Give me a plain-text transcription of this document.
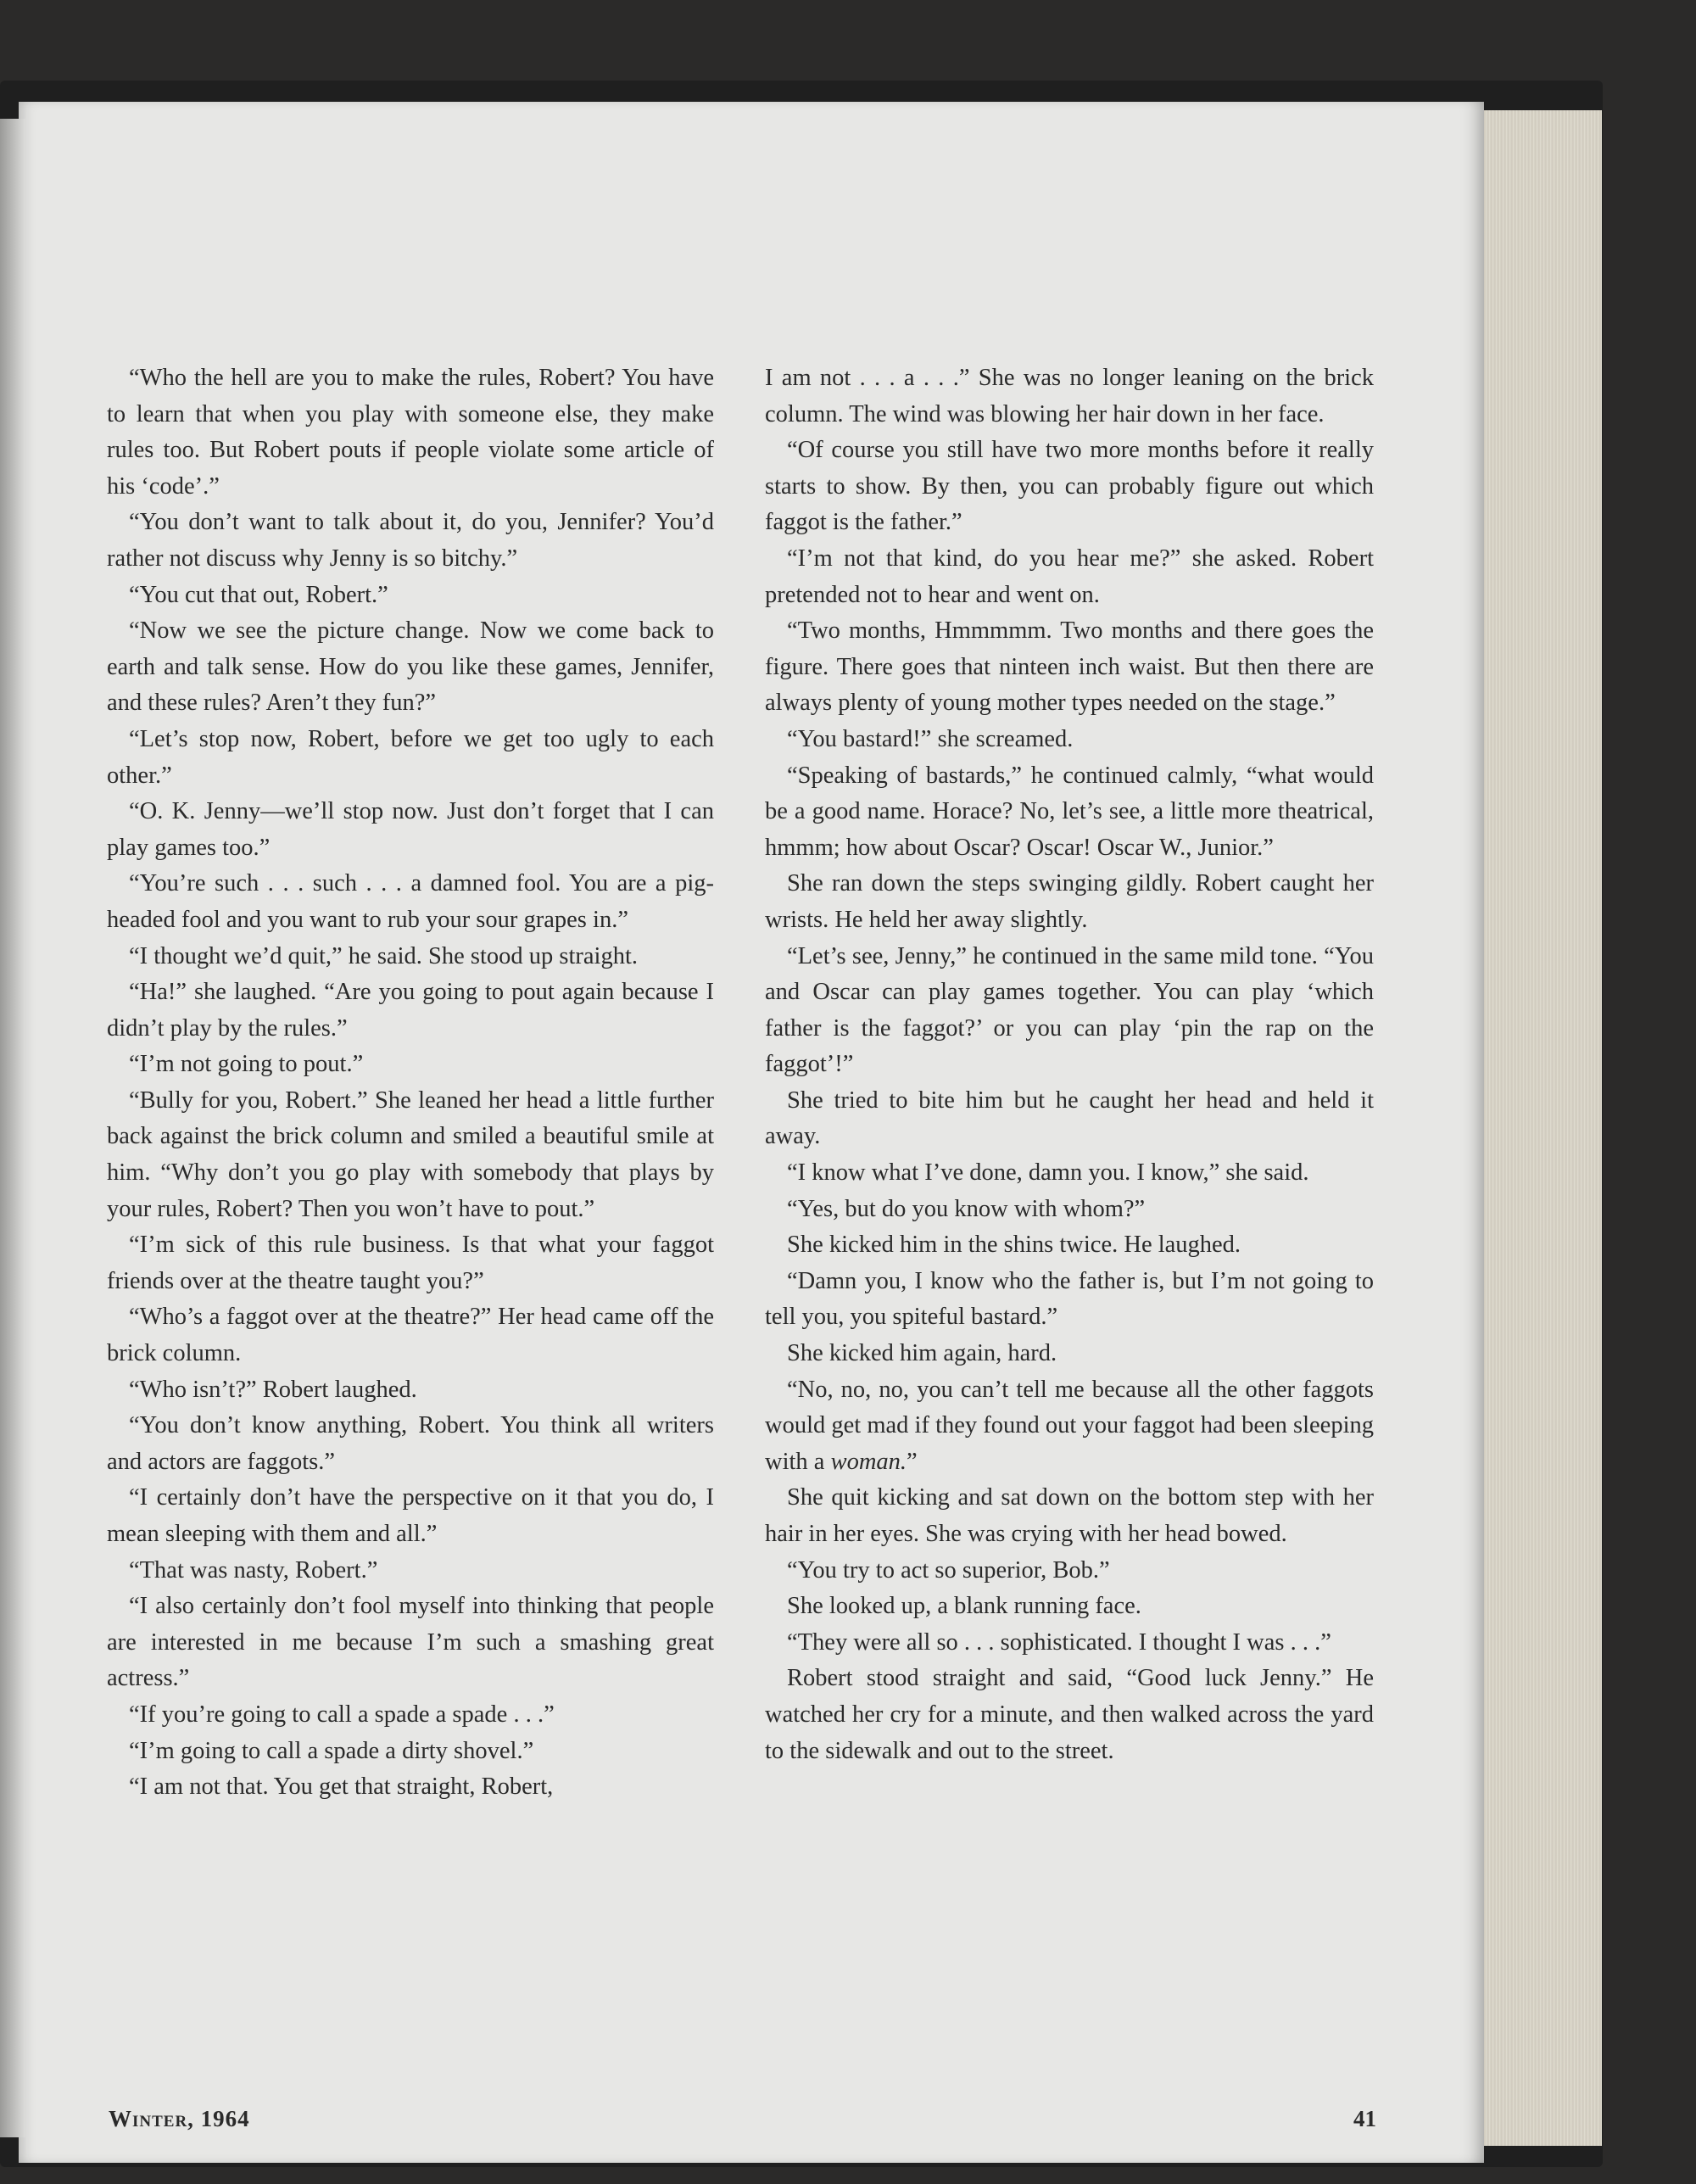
“Who the hell are you to make the rules, Robert? You have to learn that when you play with someone else, they make rules too. But Robert pouts if people violate some article of his ‘code’.”

“You don’t want to talk about it, do you, Jennifer? You’d rather not discuss why Jenny is so bitchy.”

“You cut that out, Robert.”

“Now we see the picture change. Now we come back to earth and talk sense. How do you like these games, Jennifer, and these rules? Aren’t they fun?”

“Let’s stop now, Robert, before we get too ugly to each other.”

“O. K. Jenny—we’ll stop now. Just don’t forget that I can play games too.”

“You’re such . . . such . . . a damned fool. You are a pig-headed fool and you want to rub your sour grapes in.”

“I thought we’d quit,” he said. She stood up straight.

“Ha!” she laughed. “Are you going to pout again because I didn’t play by the rules.”

“I’m not going to pout.”

“Bully for you, Robert.” She leaned her head a little further back against the brick column and smiled a beautiful smile at him. “Why don’t you go play with somebody that plays by your rules, Robert? Then you won’t have to pout.”

“I’m sick of this rule business. Is that what your faggot friends over at the theatre taught you?”

“Who’s a faggot over at the theatre?” Her head came off the brick column.

“Who isn’t?” Robert laughed.

“You don’t know anything, Robert. You think all writers and actors are faggots.”

“I certainly don’t have the perspective on it that you do, I mean sleeping with them and all.”

“That was nasty, Robert.”

“I also certainly don’t fool myself into thinking that people are interested in me because I’m such a smashing great actress.”

“If you’re going to call a spade a spade . . .”

“I’m going to call a spade a dirty shovel.”

“I am not that. You get that straight, Robert,

I am not . . . a . . .” She was no longer leaning on the brick column. The wind was blowing her hair down in her face.

“Of course you still have two more months before it really starts to show. By then, you can probably figure out which faggot is the father.”

“I’m not that kind, do you hear me?” she asked. Robert pretended not to hear and went on.

“Two months, Hmmmmm. Two months and there goes the figure. There goes that ninteen inch waist. But then there are always plenty of young mother types needed on the stage.”

“You bastard!” she screamed.

“Speaking of bastards,” he continued calmly, “what would be a good name. Horace? No, let’s see, a little more theatrical, hmmm; how about Oscar? Oscar! Oscar W., Junior.”

She ran down the steps swinging gildly. Robert caught her wrists. He held her away slightly.

“Let’s see, Jenny,” he continued in the same mild tone. “You and Oscar can play games together. You can play ‘which father is the faggot?’ or you can play ‘pin the rap on the faggot’!”

She tried to bite him but he caught her head and held it away.

“I know what I’ve done, damn you. I know,” she said.

“Yes, but do you know with whom?”

She kicked him in the shins twice. He laughed.

“Damn you, I know who the father is, but I’m not going to tell you, you spiteful bastard.”

She kicked him again, hard.

“No, no, no, you can’t tell me because all the other faggots would get mad if they found out your faggot had been sleeping with a woman.”

She quit kicking and sat down on the bottom step with her hair in her eyes. She was crying with her head bowed.

“You try to act so superior, Bob.”

She looked up, a blank running face.

“They were all so . . . sophisticated. I thought I was . . .”

Robert stood straight and said, “Good luck Jenny.” He watched her cry for a minute, and then walked across the yard to the sidewalk and out to the street.

Winter, 1964	41
